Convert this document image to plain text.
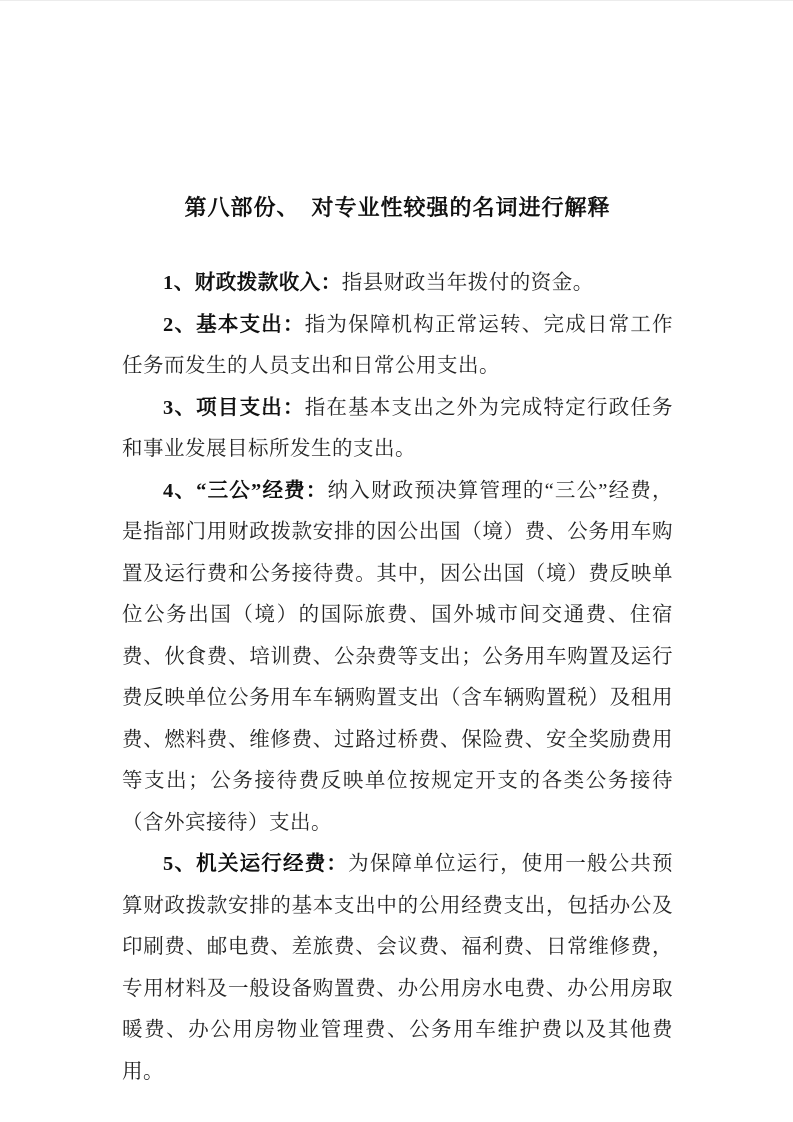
第八部份、　对专业性较强的名词进行解释

1、财政拨款收入：指县财政当年拨付的资金。

2、基本支出：指为保障机构正常运转、完成日常工作任务而发生的人员支出和日常公用支出。

3、项目支出：指在基本支出之外为完成特定行政任务和事业发展目标所发生的支出。

4、“三公”经费：纳入财政预决算管理的“三公”经费，是指部门用财政拨款安排的因公出国（境）费、公务用车购置及运行费和公务接待费。其中，因公出国（境）费反映单位公务出国（境）的国际旅费、国外城市间交通费、住宿费、伙食费、培训费、公杂费等支出；公务用车购置及运行费反映单位公务用车车辆购置支出（含车辆购置税）及租用费、燃料费、维修费、过路过桥费、保险费、安全奖励费用等支出；公务接待费反映单位按规定开支的各类公务接待（含外宾接待）支出。

5、机关运行经费：为保障单位运行，使用一般公共预算财政拨款安排的基本支出中的公用经费支出，包括办公及印刷费、邮电费、差旅费、会议费、福利费、日常维修费，专用材料及一般设备购置费、办公用房水电费、办公用房取暖费、办公用房物业管理费、公务用车维护费以及其他费用。
